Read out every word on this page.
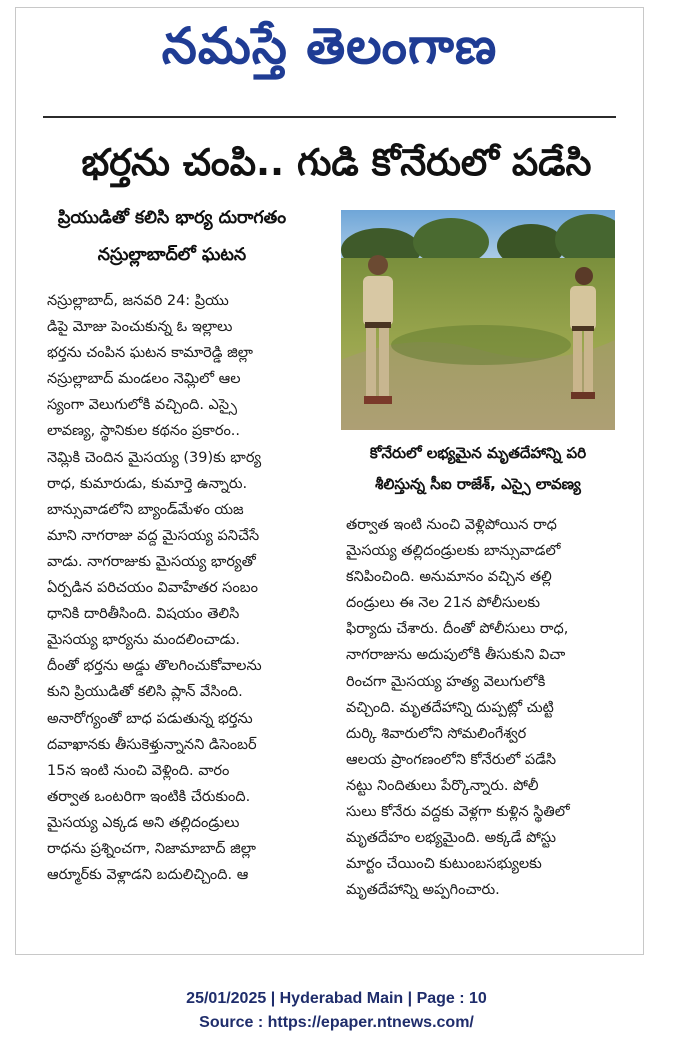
నమస్తే తెలంగాణ
భర్తను చంపి.. గుడి కోనేరులో పడేసి
ప్రియుడితో కలిసి భార్య దురాగతం
నస్రుల్లాబాద్‌లో ఘటన
కోనేరులో లభ్యమైన మృతదేహాన్ని పరి
శీలిస్తున్న సీఐ రాజేశ్‌, ఎస్సై లావణ్య
నస్రుల్లాబాద్‌, జనవరి 24: ప్రియు
డిపై మోజు పెంచుకున్న ఓ ఇల్లాలు
భర్తను చంపిన ఘటన కామారెడ్డి జిల్లా
నస్రుల్లాబాద్‌ మండలం నెమ్లిలో ఆల
స్యంగా వెలుగులోకి వచ్చింది. ఎస్సై
లావణ్య, స్థానికుల కథనం ప్రకారం..
నెమ్లికి చెందిన మైసయ్య (39)కు భార్య
రాధ, కుమారుడు, కుమార్తె ఉన్నారు.
బాన్సువాడలోని బ్యాండ్‌మేళం యజ
మాని నాగరాజు వద్ద మైసయ్య పనిచేసే
వాడు. నాగరాజుకు మైసయ్య భార్యతో
ఏర్పడిన పరిచయం వివాహేతర సంబం
ధానికి దారితీసింది. విషయం తెలిసి
మైసయ్య భార్యను మందలించాడు.
దీంతో భర్తను అడ్డు తొలగించుకోవాలను
కుని ప్రియుడితో కలిసి ప్లాన్‌ వేసింది.
అనారోగ్యంతో బాధ పడుతున్న భర్తను
దవాఖానకు తీసుకెళ్తున్నానని డిసెంబర్‌
15న ఇంటి నుంచి వెళ్లింది. వారం
తర్వాత ఒంటరిగా ఇంటికి చేరుకుంది.
మైసయ్య ఎక్కడ అని తల్లిదండ్రులు
రాధను ప్రశ్నించగా, నిజామాబాద్‌ జిల్లా
ఆర్మూర్‌కు వెళ్లాడని బదులిచ్చింది. ఆ
తర్వాత ఇంటి నుంచి వెళ్లిపోయిన రాధ
మైసయ్య తల్లిదండ్రులకు బాన్సువాడలో
కనిపించింది. అనుమానం వచ్చిన తల్లి
దండ్రులు ఈ నెల 21న పోలీసులకు
ఫిర్యాదు చేశారు. దీంతో పోలీసులు రాధ,
నాగరాజును అదుపులోకి తీసుకుని విచా
రించగా మైసయ్య హత్య వెలుగులోకి
వచ్చింది. మృతదేహాన్ని దుప్పట్లో చుట్టి
దుర్కి శివారులోని సోమలింగేశ్వర
ఆలయ ప్రాంగణంలోని కోనేరులో పడేసి
నట్టు నిందితులు పేర్కొన్నారు. పోలీ
సులు కోనేరు వద్దకు వెళ్లగా కుళ్లిన స్థితిలో
మృతదేహం లభ్యమైంది. అక్కడే పోస్టు
మార్టం చేయించి కుటుంబసభ్యులకు
మృతదేహాన్ని అప్పగించారు.
25/01/2025 | Hyderabad Main | Page : 10
Source : https://epaper.ntnews.com/
